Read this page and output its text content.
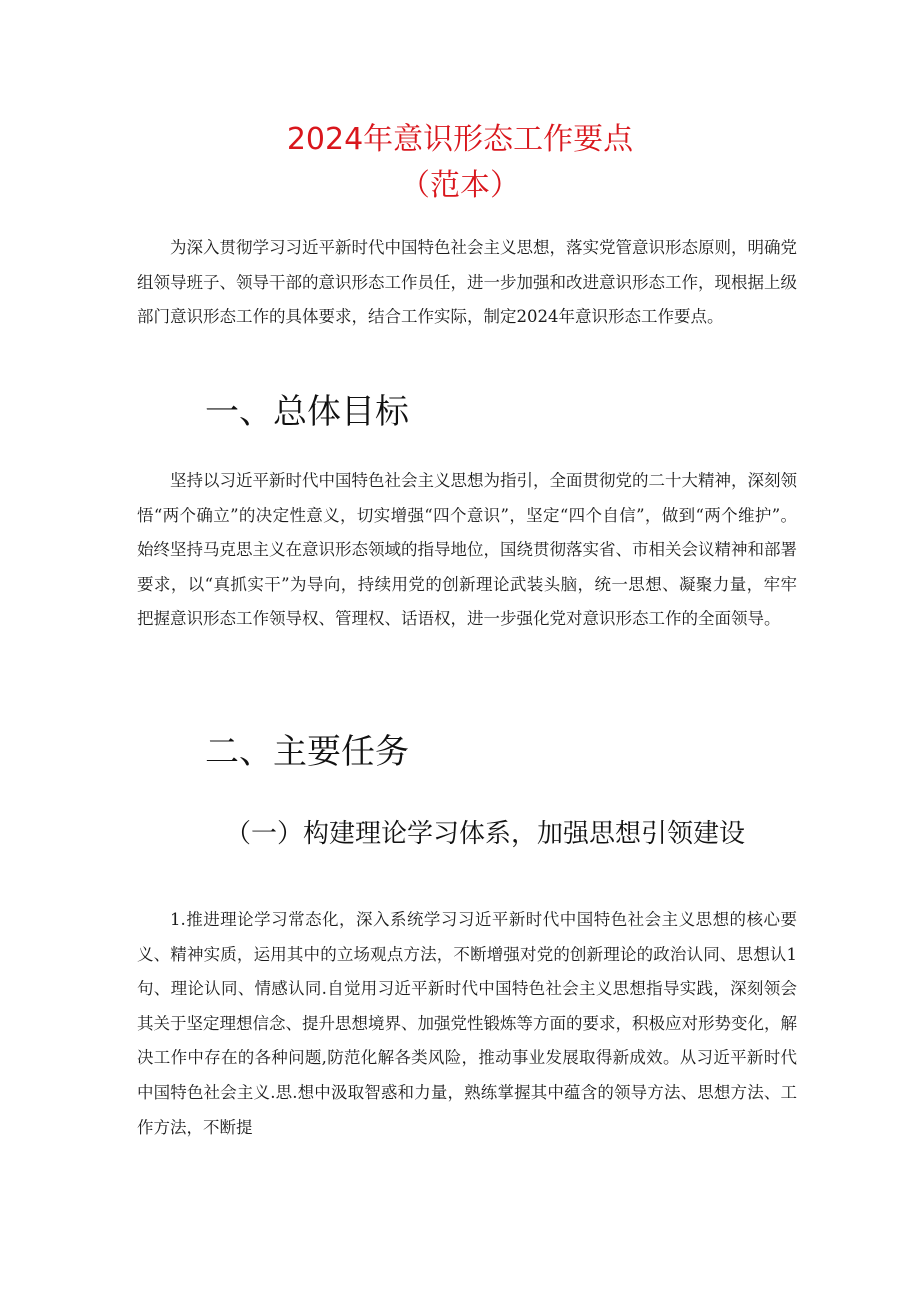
2024年意识形态工作要点
（范本）
为深入贯彻学习习近平新时代中国特色社会主义思想，落实党管意识形态原则，明确党组领导班子、领导干部的意识形态工作员任，进一步加强和改进意识形态工作，现根据上级部门意识形态工作的具体要求，结合工作实际，制定2024年意识形态工作要点。
一、总体目标
坚持以习近平新时代中国特色社会主义思想为指引，全面贯彻党的二十大精神，深刻领悟“两个确立”的决定性意义，切实增强“四个意识”，坚定“四个自信”，做到“两个维护”。始终坚持马克思主义在意识形态领域的指导地位，国绕贯彻落实省、市相关会议精神和部署要求，以“真抓实干”为导向，持续用党的创新理论武装头脑，统一思想、凝聚力量，牢牢把握意识形态工作领导权、管理权、话语权，进一步强化党对意识形态工作的全面领导。
二、主要任务
（一）构建理论学习体系，加强思想引领建设
1.推进理论学习常态化，深入系统学习习近平新时代中国特色社会主义思想的核心要义、精神实质，运用其中的立场观点方法，不断增强对党的创新理论的政治认同、思想认1句、理论认同、情感认同.自觉用习近平新时代中国特色社会主义思想指导实践，深刻领会其关于坚定理想信念、提升思想境界、加强党性锻炼等方面的要求，积极应对形势变化，解决工作中存在的各种问题,防范化解各类风险，推动事业发展取得新成效。从习近平新时代中国特色社会主义.思.想中汲取智惑和力量，熟练掌握其中蕴含的领导方法、思想方法、工作方法，不断提
